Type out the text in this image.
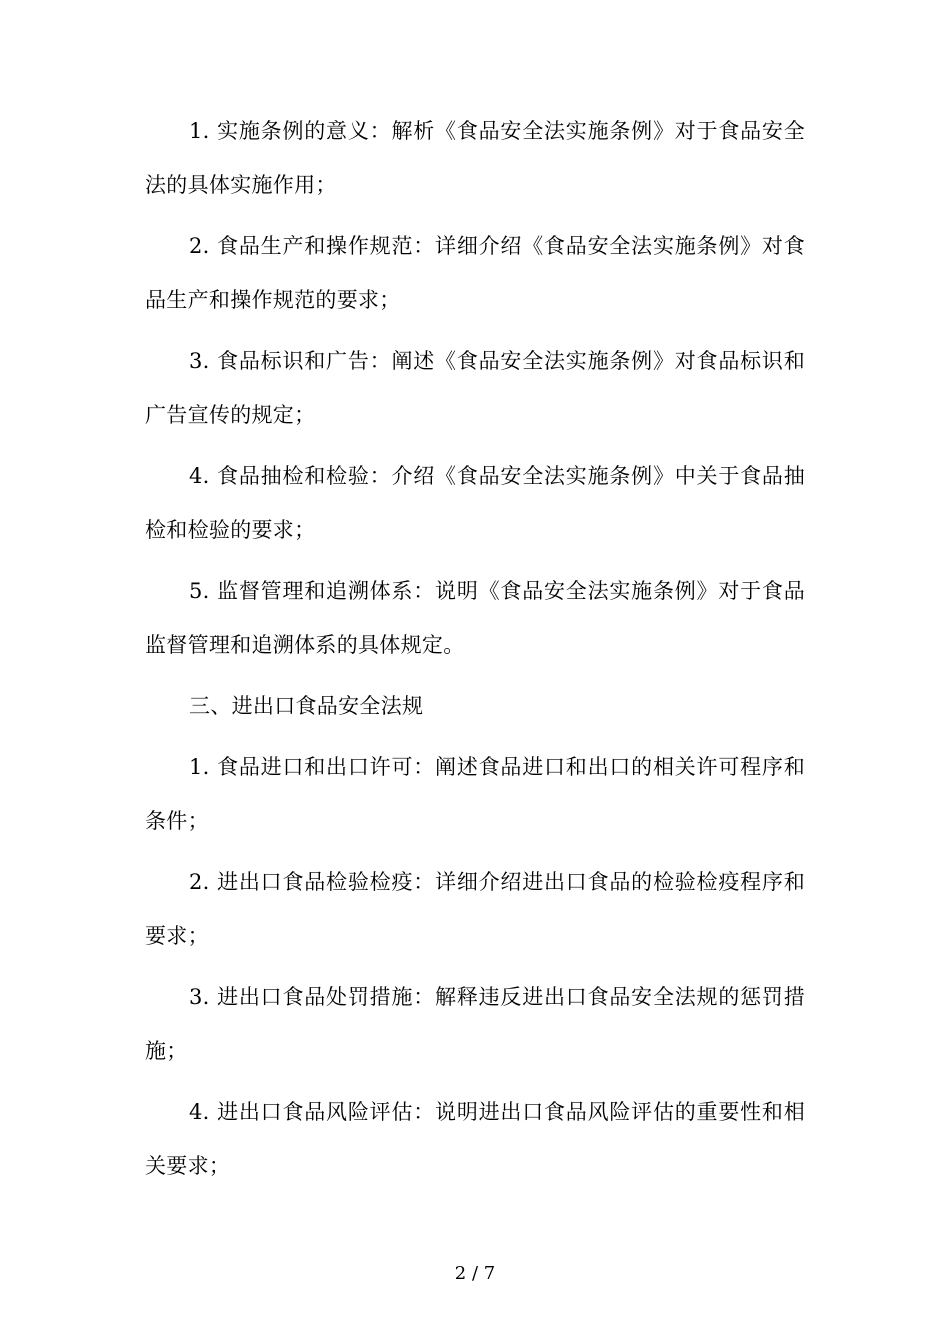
1. 实施条例的意义：解析《食品安全法实施条例》对于食品安全法的具体实施作用；

2. 食品生产和操作规范：详细介绍《食品安全法实施条例》对食品生产和操作规范的要求；

3. 食品标识和广告：阐述《食品安全法实施条例》对食品标识和广告宣传的规定；

4. 食品抽检和检验：介绍《食品安全法实施条例》中关于食品抽检和检验的要求；

5. 监督管理和追溯体系：说明《食品安全法实施条例》对于食品监督管理和追溯体系的具体规定。

三、进出口食品安全法规

1. 食品进口和出口许可：阐述食品进口和出口的相关许可程序和条件；

2. 进出口食品检验检疫：详细介绍进出口食品的检验检疫程序和要求；

3. 进出口食品处罚措施：解释违反进出口食品安全法规的惩罚措施；

4. 进出口食品风险评估：说明进出口食品风险评估的重要性和相关要求；

2 / 7
